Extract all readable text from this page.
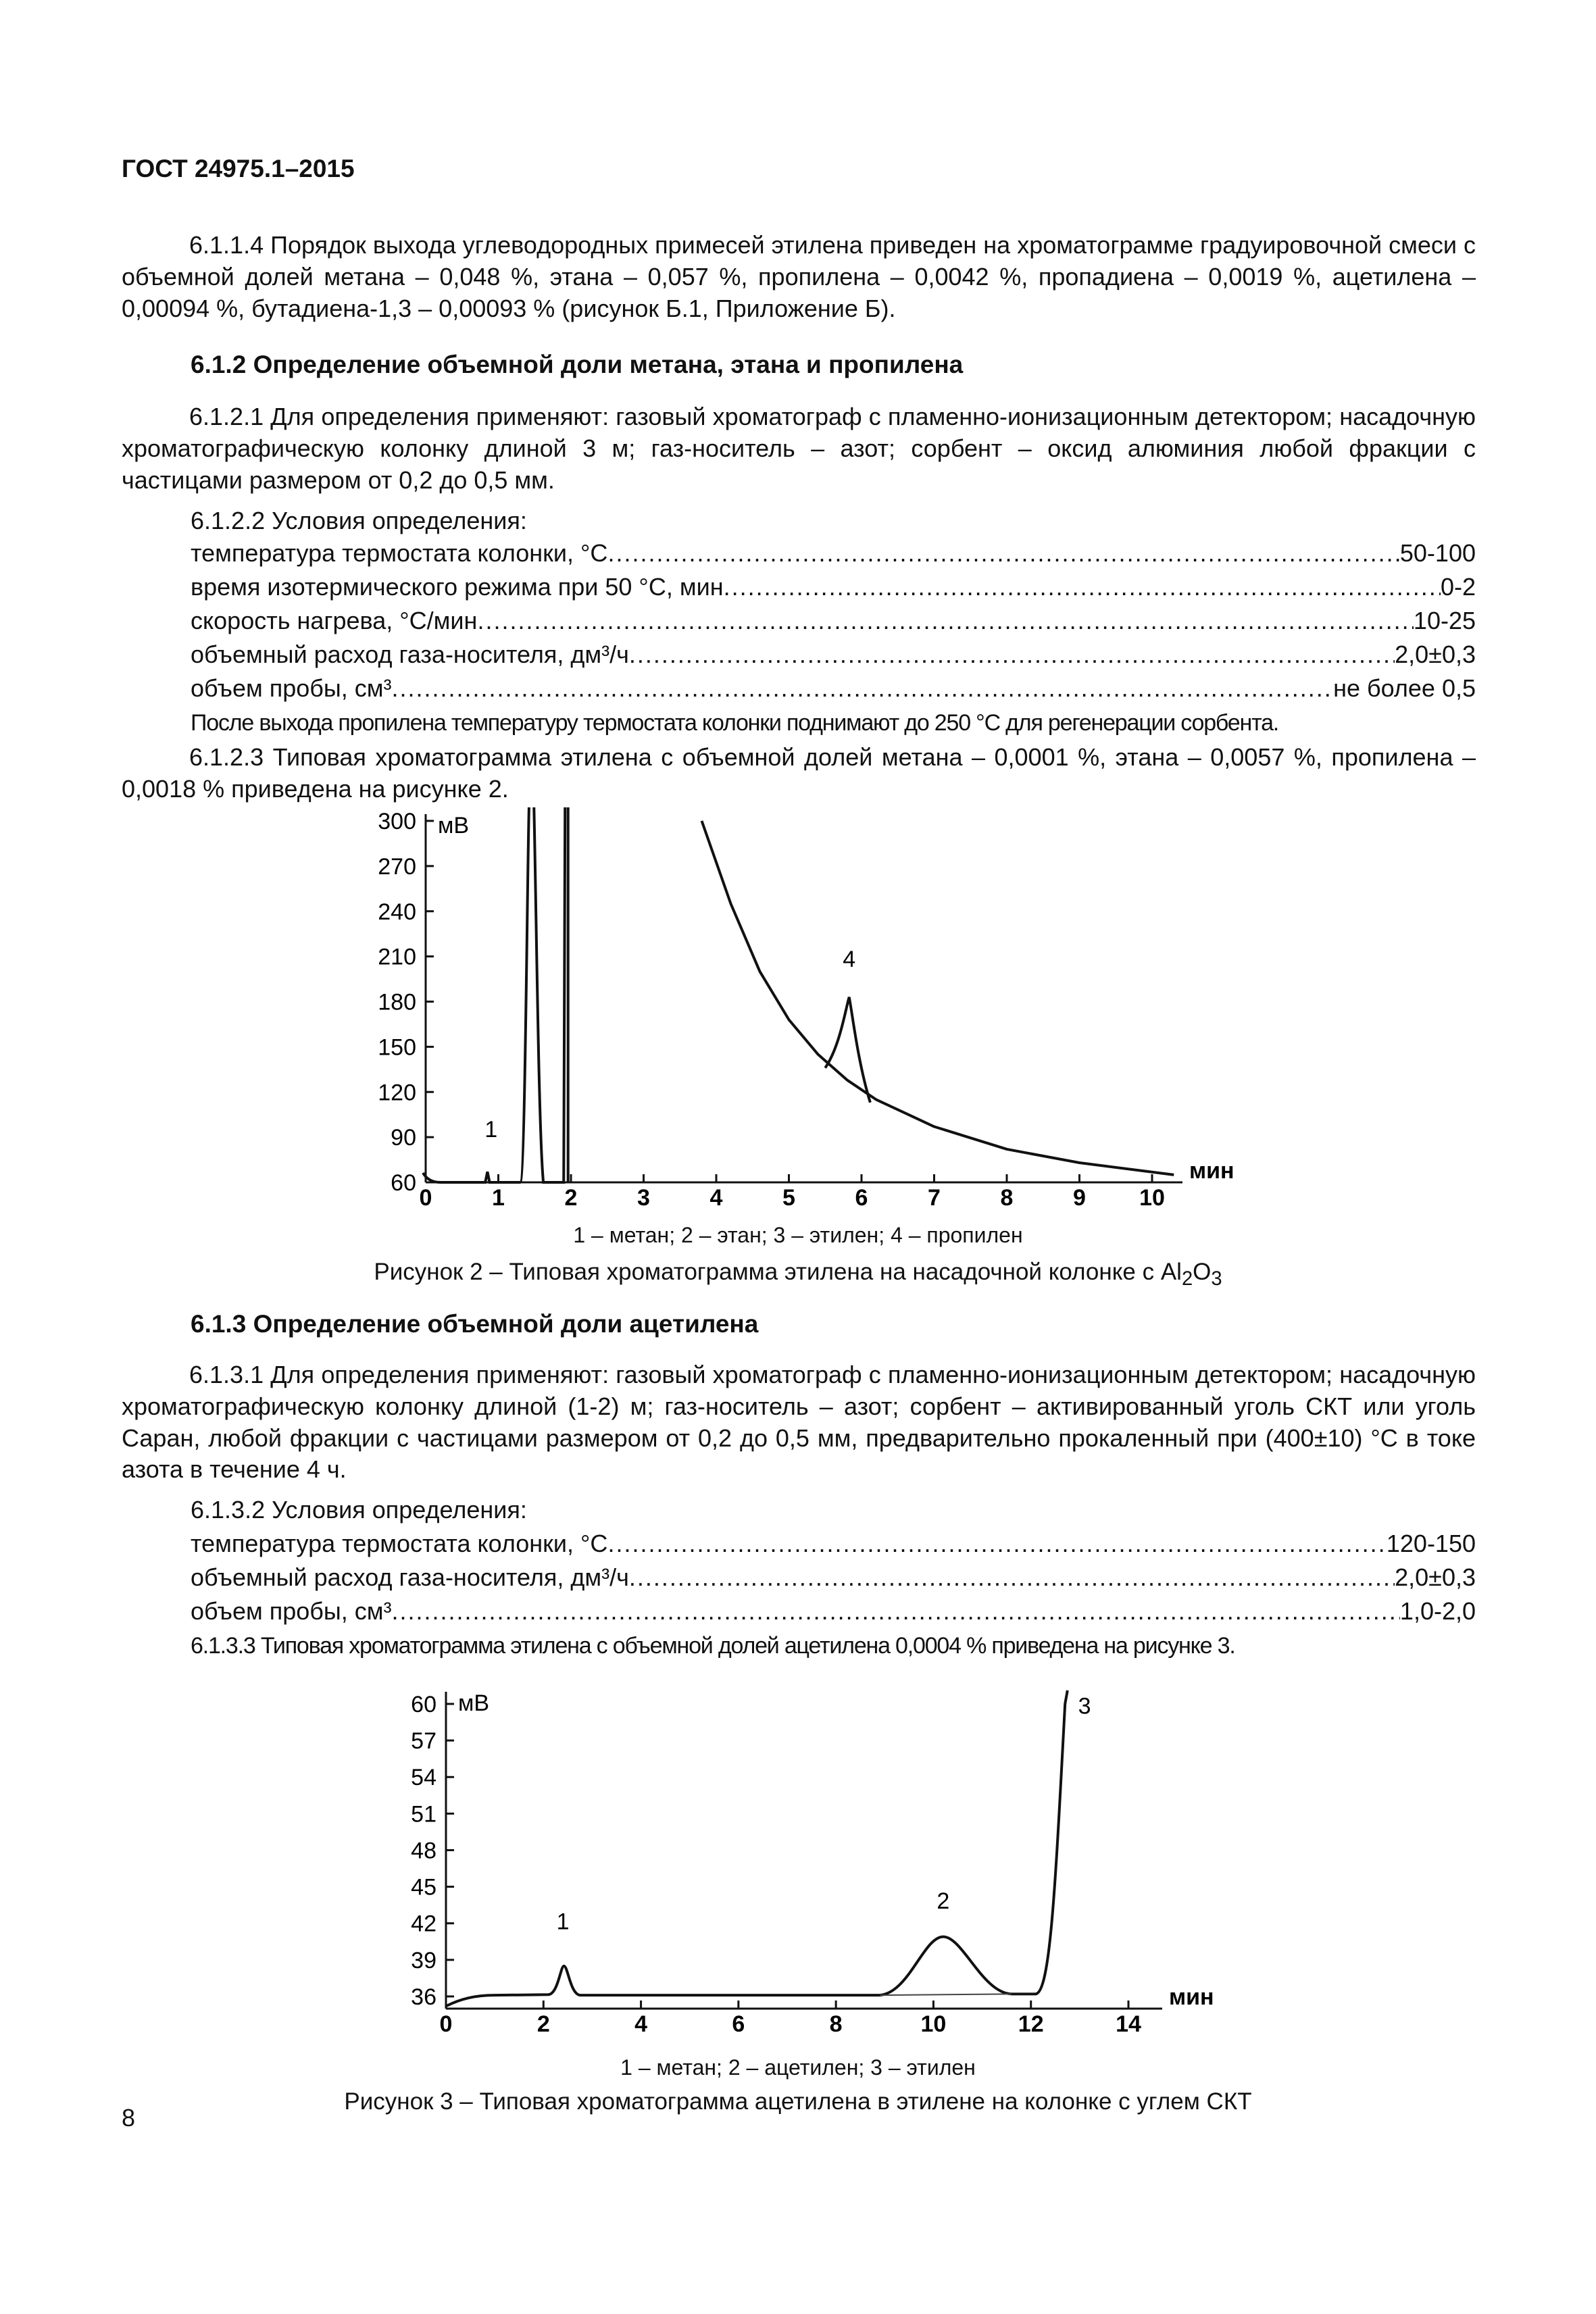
ГОСТ 24975.1–2015
6.1.1.4 Порядок выхода углеводородных примесей этилена приведен на хроматограмме градуировочной смеси с объемной долей метана – 0,048 %, этана – 0,057 %, пропилена – 0,0042 %, пропадиена – 0,0019 %, ацетилена – 0,00094 %, бутадиена-1,3 – 0,00093 % (рисунок Б.1, Приложение Б).
6.1.2 Определение объемной доли метана, этана и пропилена
6.1.2.1 Для определения применяют: газовый хроматограф с пламенно-ионизационным детектором; насадочную хроматографическую колонку длиной 3 м; газ-носитель – азот; сорбент – оксид алюминия любой фракции с частицами размером от 0,2 до 0,5 мм.
6.1.2.2 Условия определения:
температура термостата колонки, °С .....	50-100
время изотермического режима при 50 °С, мин .....	0-2
скорость нагрева, °С/мин .....	10-25
объемный расход газа-носителя, дм³/ч .....	2,0±0,3
объем пробы, см³ .....	не более 0,5
После выхода пропилена температуру термостата колонки поднимают до 250 °С для регенерации сорбента.
6.1.2.3 Типовая хроматограмма этилена с объемной долей метана – 0,0001 %, этана – 0,0057 %, пропилена – 0,0018 % приведена на рисунке 2.
60
90
120
150
180
210
240
270
300
0	1	2	3	4	5	6	7	8	9 10
1
4
мВ
мин
1 – метан; 2 – этан; 3 – этилен; 4 – пропилен
Рисунок 2 – Типовая хроматограмма этилена на насадочной колонке с $Al_2O_3$
6.1.3 Определение объемной доли ацетилена
6.1.3.1 Для определения применяют: газовый хроматограф с пламенно-ионизационным детектором; насадочную хроматографическую колонку длиной (1-2) м; газ-носитель – азот; сорбент – активированный уголь СКТ или уголь Саран, любой фракции с частицами размером от 0,2 до 0,5 мм, предварительно прокаленный при (400±10) °С в токе азота в течение 4 ч.
6.1.3.2 Условия определения:
температура термостата колонки, °С .....	120-150
объемный расход газа-носителя, дм³/ч .....	2,0±0,3
объем пробы, см³ .....	1,0-2,0
6.1.3.3 Типовая хроматограмма этилена с объемной долей ацетилена 0,0004 % приведена на рисунке 3.
36
39
42
45
48
51
54
57
60
0	2	4	6	8	10	12	14
1
2
3
мВ
мин
1 – метан; 2 – ацетилен; 3 – этилен
Рисунок 3 – Типовая хроматограмма ацетилена в этилене на колонке с углем СКТ
8
